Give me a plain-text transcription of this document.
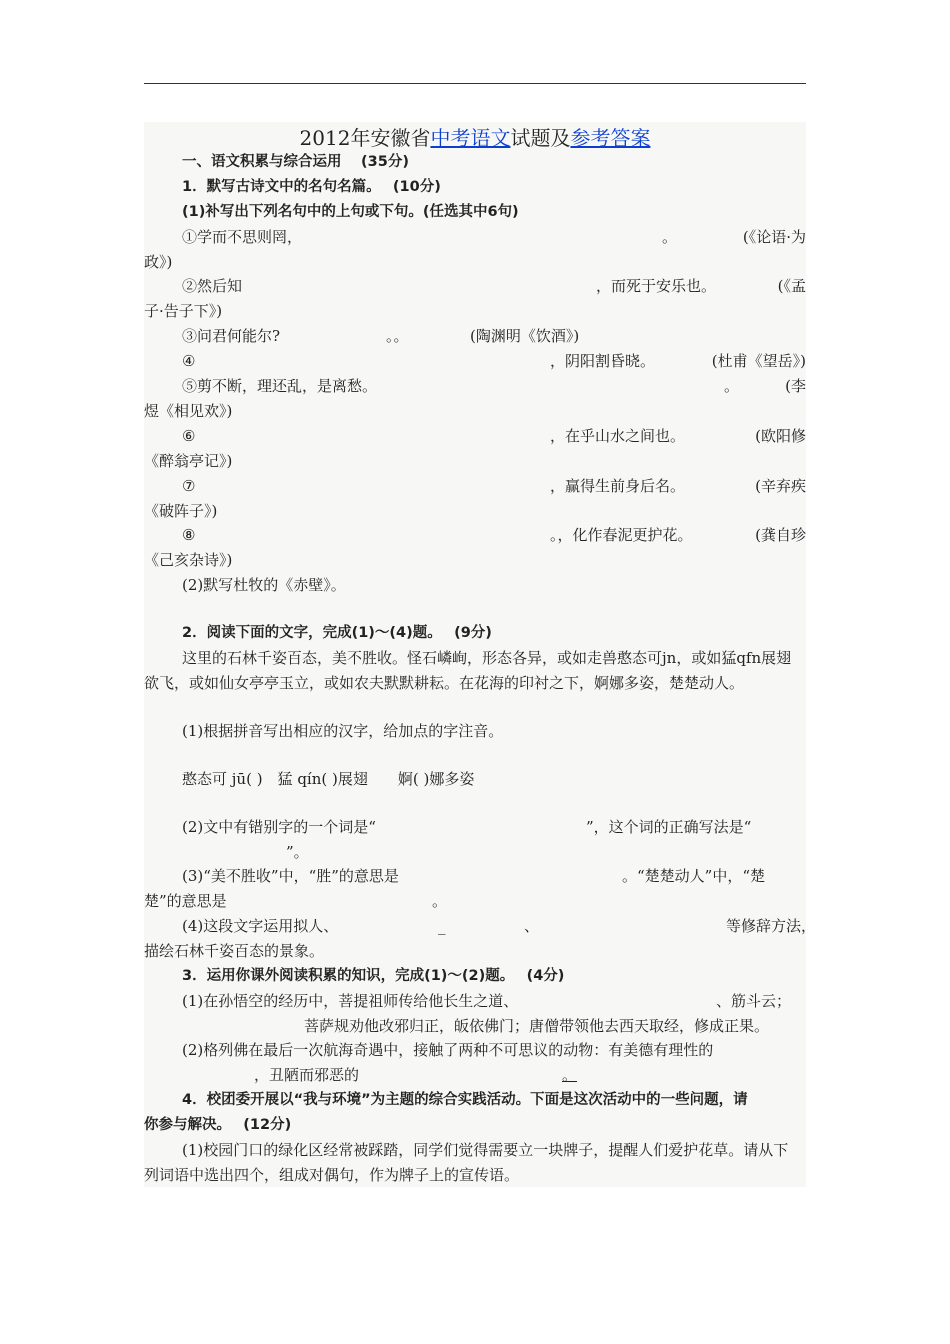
2012年安徽省中考语文试题及参考答案
一、语文积累与综合运用　 (35分)
1．默写古诗文中的名句名篇。　 (10分)
(1)补写出下列名句中的上句或下句。(任选其中6句)
①学而不思则罔，	。	(《论语·为
政》)
②然后知	，而死于安乐也。	(《孟
子·告子下》)
③问君何能尔?	。。	(陶渊明《饮酒》)
④	，阴阳割昏晓。	(杜甫《望岳》)
⑤剪不断，理还乱，是离愁。	。	(李
煜《相见欢》)
⑥	，在乎山水之间也。	(欧阳修
《醉翁亭记》)
⑦	，赢得生前身后名。	(辛弃疾
《破阵子》)
⑧	。，化作春泥更护花。	(龚自珍
《己亥杂诗》)
(2)默写杜牧的《赤壁》。
2．阅读下面的文字，完成(1)～(4)题。　 (9分)
这里的石林千姿百态，美不胜收。怪石嶙峋，形态各异，或如走兽憨态可jn，或如猛qfn展翅
欲飞，或如仙女亭亭玉立，或如农夫默默耕耘。在花海的印衬之下，婀娜多姿，楚楚动人。
(1)根据拼音写出相应的汉字，给加点的字注音。
憨态可 jū( )　猛 qín( )展翅　　婀( )娜多姿
(2)文中有错别字的一个词是“	”，这个词的正确写法是“
”。
(3)“美不胜收”中，“胜”的意思是	。“楚楚动人”中，“楚
楚”的意思是	。
(4)这段文字运用拟人、	_	、	等修辞方法，
描绘石林千姿百态的景象。
3．运用你课外阅读积累的知识，完成(1)～(2)题。　 (4分)
(1)在孙悟空的经历中，菩提祖师传给他长生之道、	、筋斗云；
菩萨规劝他改邪归正，皈依佛门；唐僧带领他去西天取经，修成正果。
(2)格列佛在最后一次航海奇遇中，接触了两种不可思议的动物：有美德有理性的
，丑陋而邪恶的	。
4．校团委开展以“我与环境”为主题的综合实践活动。下面是这次活动中的一些问题，请
你参与解决。　 (12分)
(1)校园门口的绿化区经常被踩踏，同学们觉得需要立一块牌子，提醒人们爱护花草。请从下
列词语中选出四个，组成对偶句，作为牌子上的宣传语。
